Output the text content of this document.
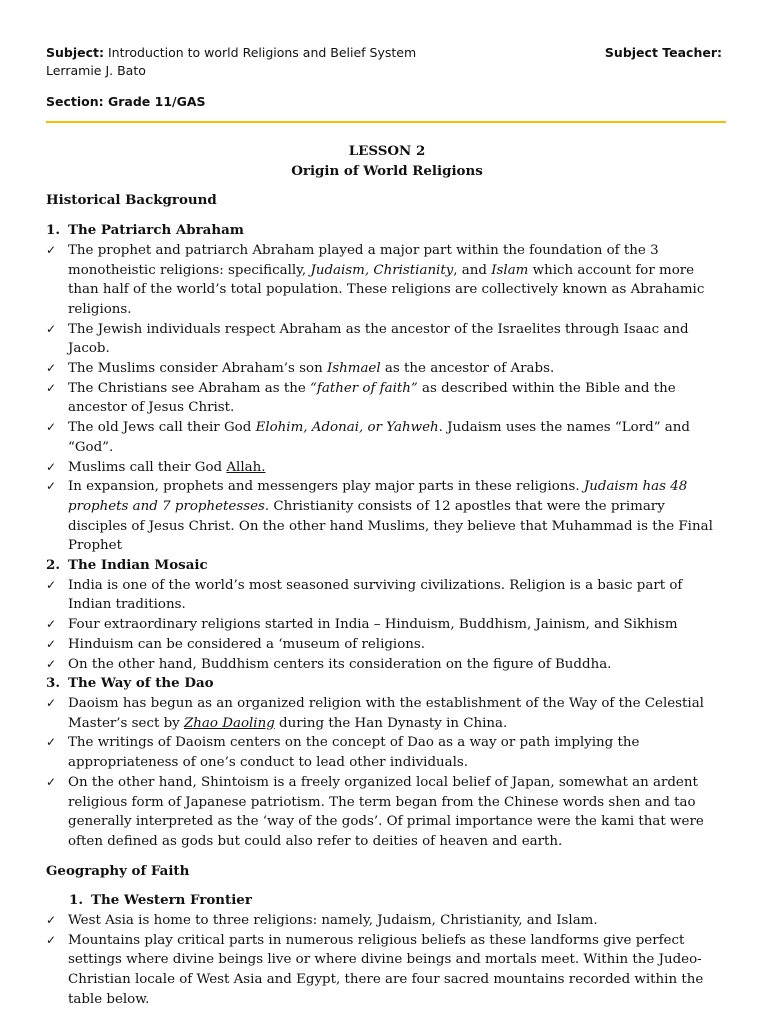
Subject: Introduction to world Religions and Belief System	Subject Teacher:
Lerramie J. Bato
Section: Grade 11/GAS
LESSON 2
Origin of World Religions
Historical Background
1. The Patriarch Abraham
✓ The prophet and patriarch Abraham played a major part within the foundation of the 3 monotheistic religions: specifically, Judaism, Christianity, and Islam which account for more than half of the world’s total population. These religions are collectively known as Abrahamic religions.
✓ The Jewish individuals respect Abraham as the ancestor of the Israelites through Isaac and Jacob.
✓ The Muslims consider Abraham’s son Ishmael as the ancestor of Arabs.
✓ The Christians see Abraham as the “father of faith” as described within the Bible and the ancestor of Jesus Christ.
✓ The old Jews call their God Elohim, Adonai, or Yahweh. Judaism uses the names “Lord” and “God”.
✓ Muslims call their God Allah.
✓ In expansion, prophets and messengers play major parts in these religions. Judaism has 48 prophets and 7 prophetesses. Christianity consists of 12 apostles that were the primary disciples of Jesus Christ. On the other hand Muslims, they believe that Muhammad is the Final Prophet
2. The Indian Mosaic
✓ India is one of the world’s most seasoned surviving civilizations. Religion is a basic part of Indian traditions.
✓ Four extraordinary religions started in India – Hinduism, Buddhism, Jainism, and Sikhism
✓ Hinduism can be considered a ‘museum of religions.
✓ On the other hand, Buddhism centers its consideration on the figure of Buddha.
3. The Way of the Dao
✓ Daoism has begun as an organized religion with the establishment of the Way of the Celestial Master’s sect by Zhao Daoling during the Han Dynasty in China.
✓ The writings of Daoism centers on the concept of Dao as a way or path implying the appropriateness of one’s conduct to lead other individuals.
✓ On the other hand, Shintoism is a freely organized local belief of Japan, somewhat an ardent religious form of Japanese patriotism. The term began from the Chinese words shen and tao generally interpreted as the ‘way of the gods’. Of primal importance were the kami that were often defined as gods but could also refer to deities of heaven and earth.
Geography of Faith
1. The Western Frontier
✓ West Asia is home to three religions: namely, Judaism, Christianity, and Islam.
✓ Mountains play critical parts in numerous religious beliefs as these landforms give perfect settings where divine beings live or where divine beings and mortals meet. Within the Judeo-Christian locale of West Asia and Egypt, there are four sacred mountains recorded within the table below.
